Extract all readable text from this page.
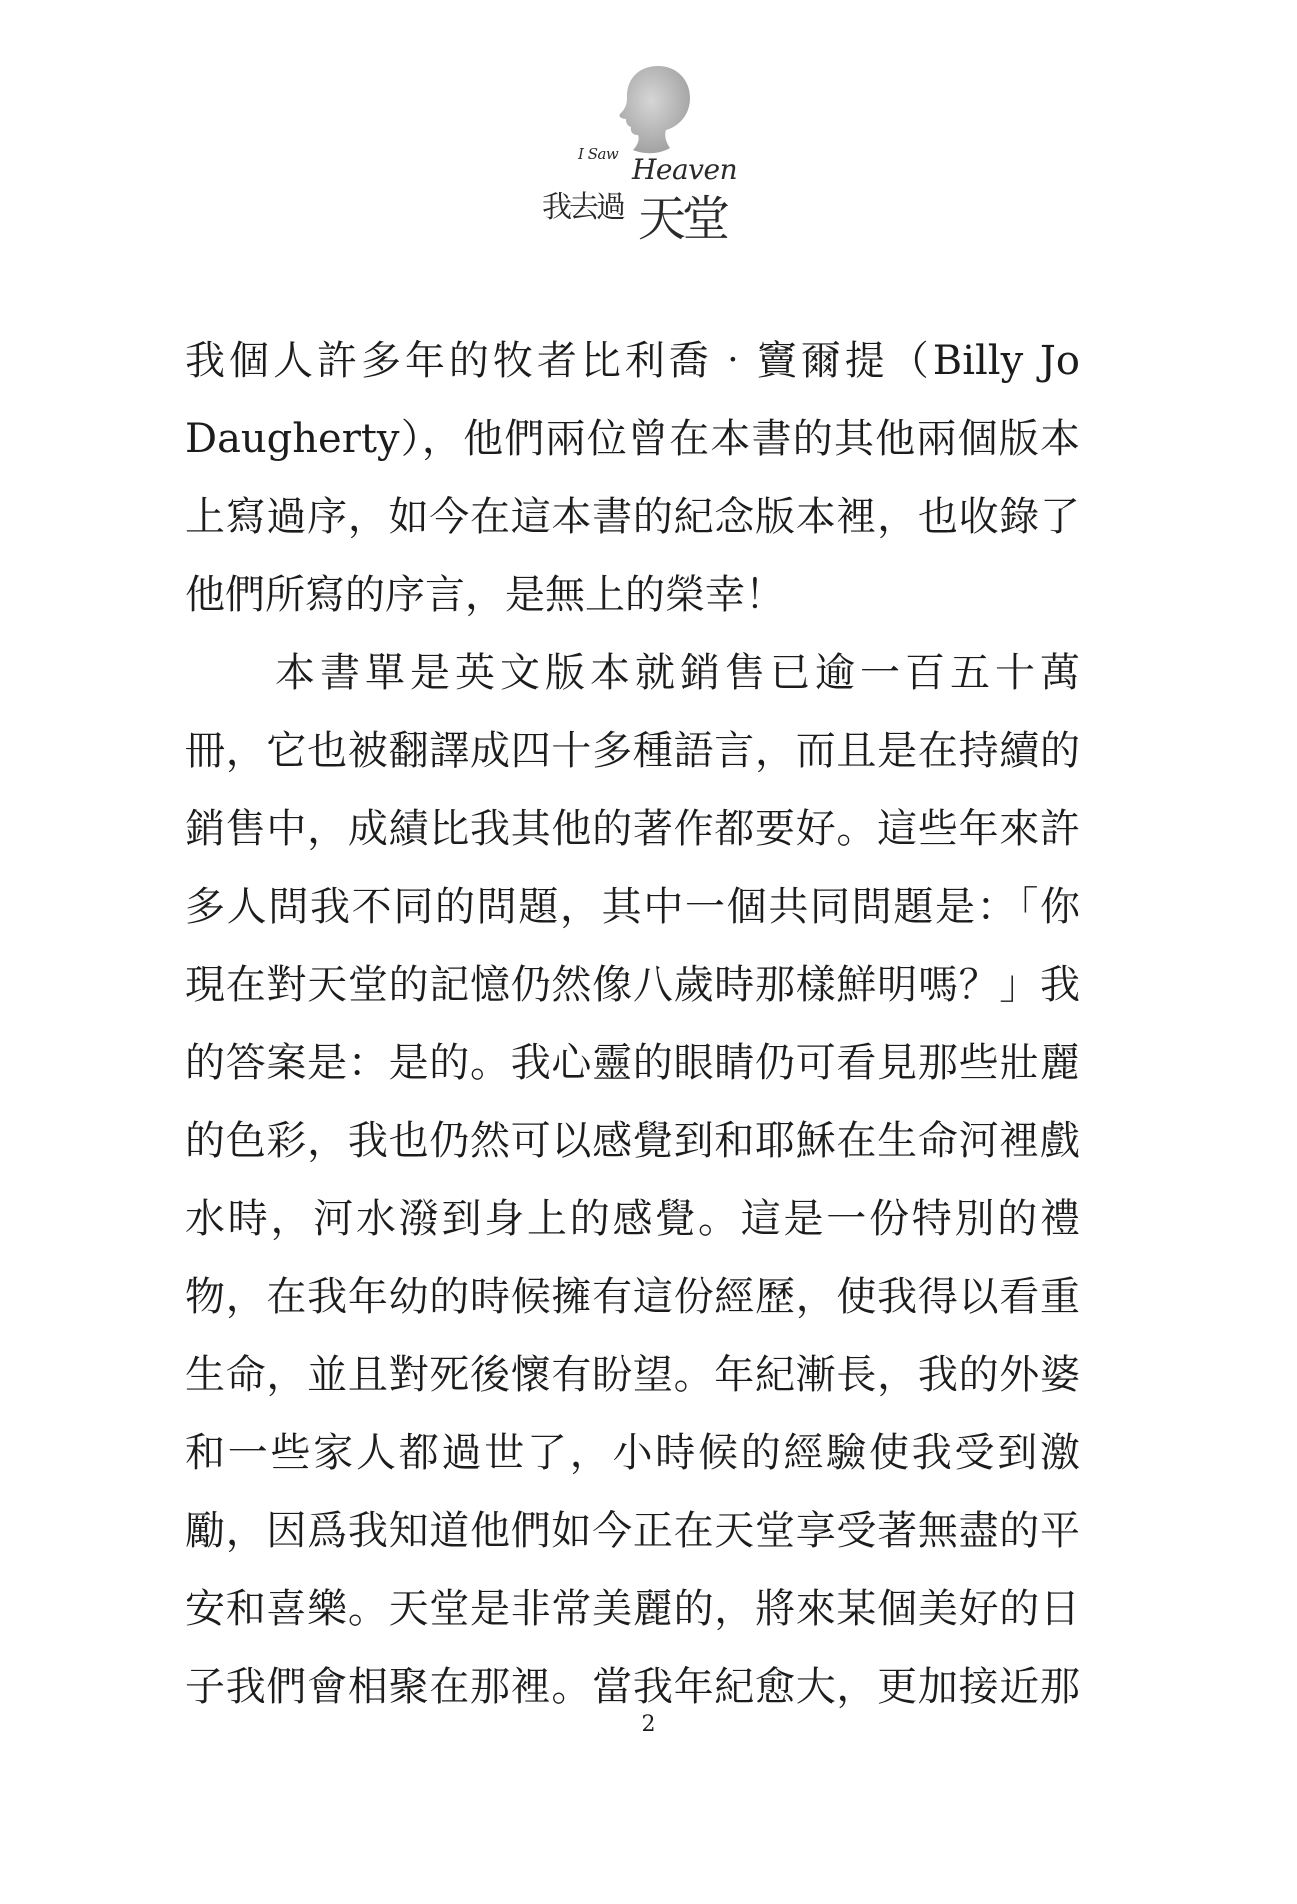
I Saw Heaven
我去過 天堂
我個人許多年的牧者比利喬‧竇爾提（Billy Jo
Daugherty），他們兩位曾在本書的其他兩個版本
上寫過序，如今在這本書的紀念版本裡，也收錄了
他們所寫的序言，是無上的榮幸！
　　本書單是英文版本就銷售已逾一百五十萬
冊，它也被翻譯成四十多種語言，而且是在持續的
銷售中，成績比我其他的著作都要好。這些年來許
多人問我不同的問題，其中一個共同問題是：「你
現在對天堂的記憶仍然像八歲時那樣鮮明嗎？」我
的答案是：是的。我心靈的眼睛仍可看見那些壯麗
的色彩，我也仍然可以感覺到和耶穌在生命河裡戲
水時，河水潑到身上的感覺。這是一份特別的禮
物，在我年幼的時候擁有這份經歷，使我得以看重
生命，並且對死後懷有盼望。年紀漸長，我的外婆
和一些家人都過世了，小時候的經驗使我受到激
勵，因爲我知道他們如今正在天堂享受著無盡的平
安和喜樂。天堂是非常美麗的，將來某個美好的日
子我們會相聚在那裡。當我年紀愈大，更加接近那
2
